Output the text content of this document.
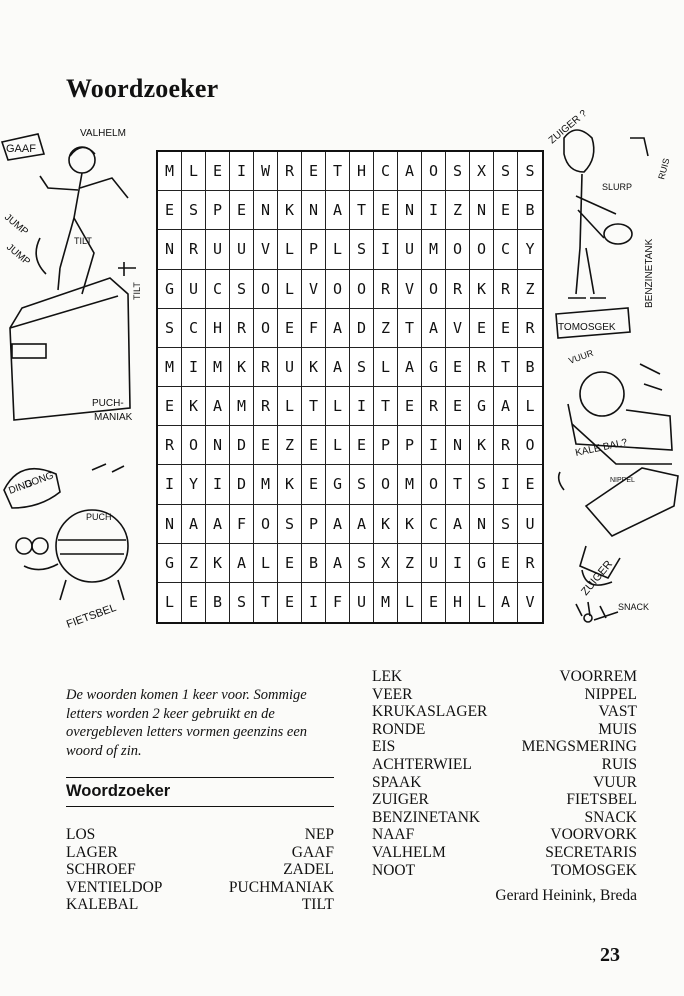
Woordzoeker
M L E I W R E T H C A O S X S	S
E S P E N K N A T E N I Z N E	B
N R U U V L P L S I U M O O C	Y
G U C S O L V O O R V O R K R	Z
S C H R O E F A D Z T A V E E	R
M I M K R U K A S L A G E R T	B
E K A M R L T L I T E R E G A	L
R O N D E Z E L E P P I N K R	O
I Y I D M K E G S O M O T S I	E
N A A F O S P A A K K C A N S	U
G Z K A L E B A S X Z U I G E	R
L E B S T E I F U M L E H L A	V
GAAF
VALHELM
JUMP
JUMP
TILT
TILT
PUCH-
MANIAK
DING
DONG
PUCH
FIETSBEL
ZUIGER ?
RUIS
SLURP
BENZINETANK
TOMOSGEK
VUUR
KALE BAL?
NIPPEL
ZUIGER
SNACK
De woorden komen 1 keer voor. Sommige letters worden 2 keer gebruikt en de overgebleven letters vormen geenzins een woord of zin.
Woordzoeker
LOS
LAGER
SCHROEF
VENTIELDOP
KALEBAL
NEP
GAAF
ZADEL
PUCHMANIAK
TILT
LEK
VEER
KRUKASLAGER
RONDE
EIS
ACHTERWIEL
SPAAK
ZUIGER
BENZINETANK
NAAF
VALHELM
NOOT
VOORREM
NIPPEL
VAST
MUIS
MENGSMERING
RUIS
VUUR
FIETSBEL
SNACK
VOORVORK
SECRETARIS
TOMOSGEK
Gerard Heinink, Breda
23
